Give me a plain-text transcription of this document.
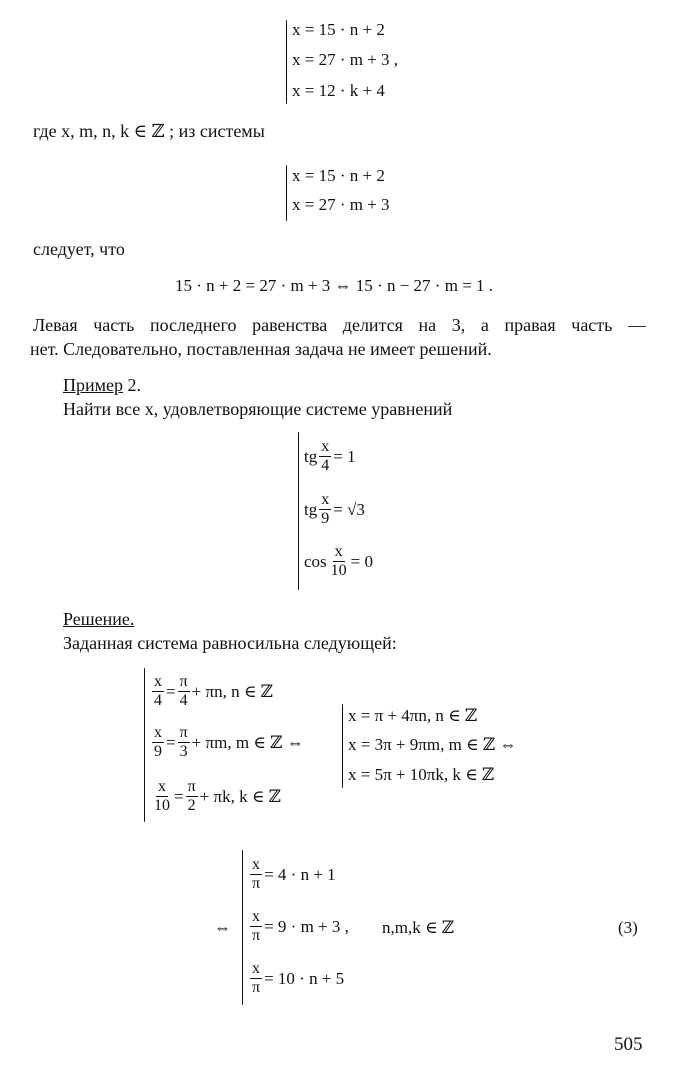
x = 15 · n + 2
x = 27 · m + 3 ,
x = 12 · k + 4
где x, m, n, k ∈ ℤ ; из системы
x = 15 · n + 2
x = 27 · m + 3
следует, что
15 · n + 2 = 27 · m + 3 ⇔ 15 · n − 27 · m = 1 .
Левая часть последнего равенства делится на 3, а правая часть —
нет. Следовательно, поставленная задача не имеет решений.
Пример 2.
Найти все x, удовлетворяющие системе уравнений
tg $\frac{x}{4} = 1$
tg $\frac{x}{9} = √3$
$\cos \frac{x}{10} = 0$
Решение.
Заданная система равносильна следующей:
$\frac{x}{4} = \frac{\pi}{4} + \pi n$, n ∈ ℤ
$\frac{x}{9} = \frac{\pi}{3} + \pi m$, m ∈ ℤ ⇔
$\frac{x}{10} = \frac{\pi}{2} + \pi k$, k ∈ ℤ
x = π + 4πn, n ∈ ℤ
x = 3π + 9πm, m ∈ ℤ ⇔
x = 5π + 10πk, k ∈ ℤ
⇔
$\frac{x}{\pi} = 4 \cdot n + 1$
$\frac{x}{\pi} = 9 \cdot m + 3$ ,
$\frac{x}{\pi} = 10 \cdot n + 5$
n,m,k ∈ ℤ	(3)
505
